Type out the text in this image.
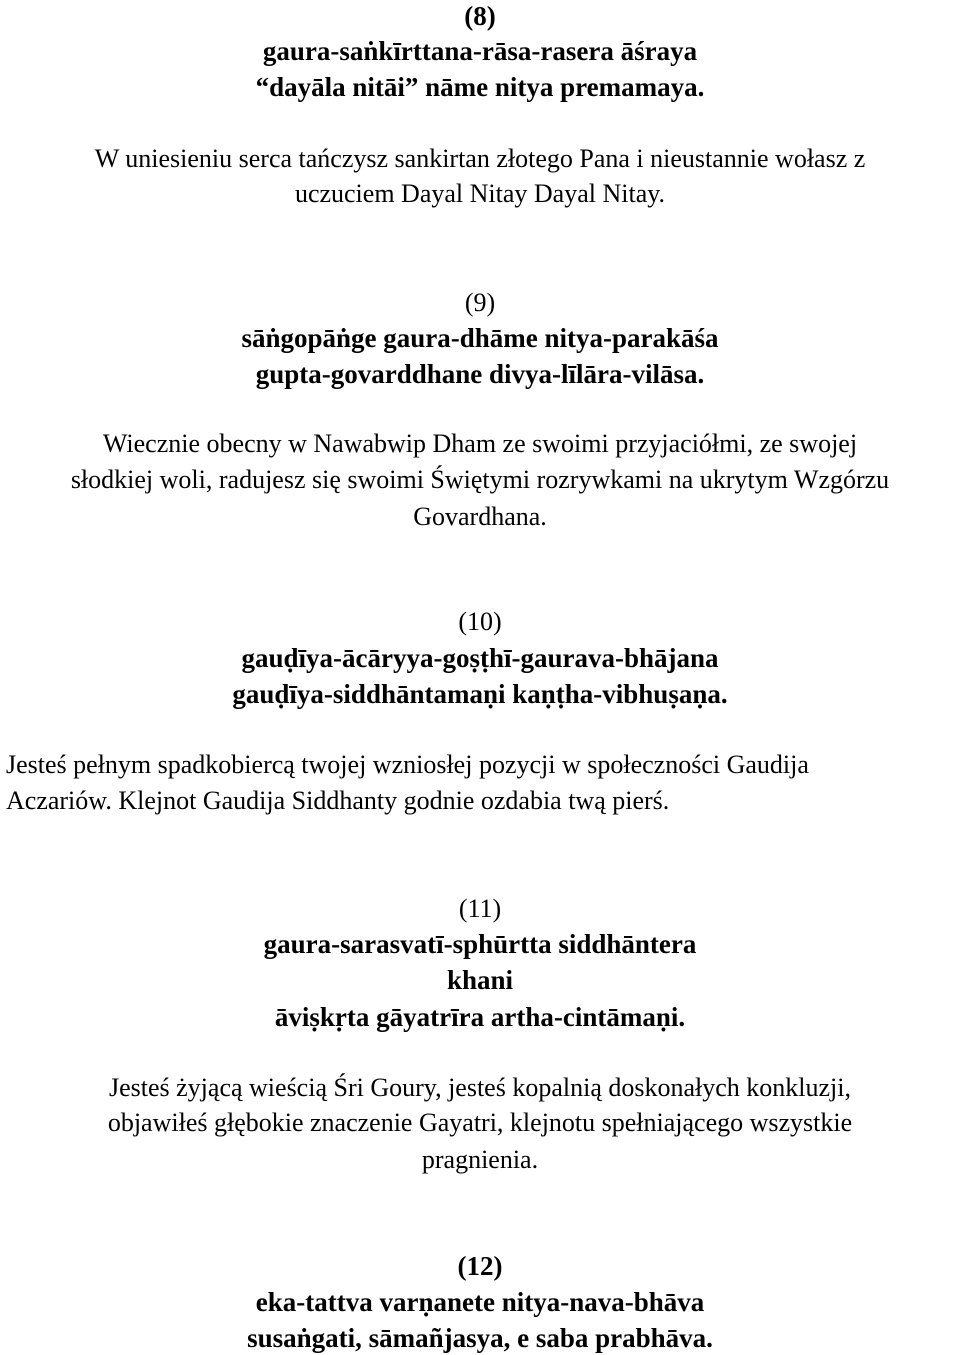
(8)
gaura-saṅkīrttana-rāsa-rasera āśraya
“dayāla nitāi” nāme nitya premamaya.
W uniesieniu serca tańczysz sankirtan złotego Pana i nieustannie wołasz z
uczuciem Dayal Nitay Dayal Nitay.
(9)
sāṅgopāṅge gaura-dhāme nitya-parakāśa
gupta-govarddhane divya-līlāra-vilāsa.
Wiecznie obecny w Nawabwip Dham ze swoimi przyjaciółmi, ze swojej
słodkiej woli, radujesz się swoimi Świętymi rozrywkami na ukrytym Wzgórzu
Govardhana.
(10)
gauḍīya-ācāryya-goṣṭhī-gaurava-bhājana
gauḍīya-siddhāntamaṇi kaṇṭha-vibhuṣaṇa.
Jesteś pełnym spadkobiercą twojej wzniosłej pozycji w społeczności Gaudija
Aczariów. Klejnot Gaudija Siddhanty godnie ozdabia twą pierś.
(11)
gaura-sarasvatī-sphūrtta siddhāntera
khani
āviṣkṛta gāyatrīra artha-cintāmaṇi.
Jesteś żyjącą wieścią Śri Goury, jesteś kopalnią doskonałych konkluzji,
objawiłeś głębokie znaczenie Gayatri, klejnotu spełniającego wszystkie
pragnienia.
(12)
eka-tattva varṇanete nitya-nava-bhāva
susaṅgati, sāmañjasya, e saba prabhāva.
